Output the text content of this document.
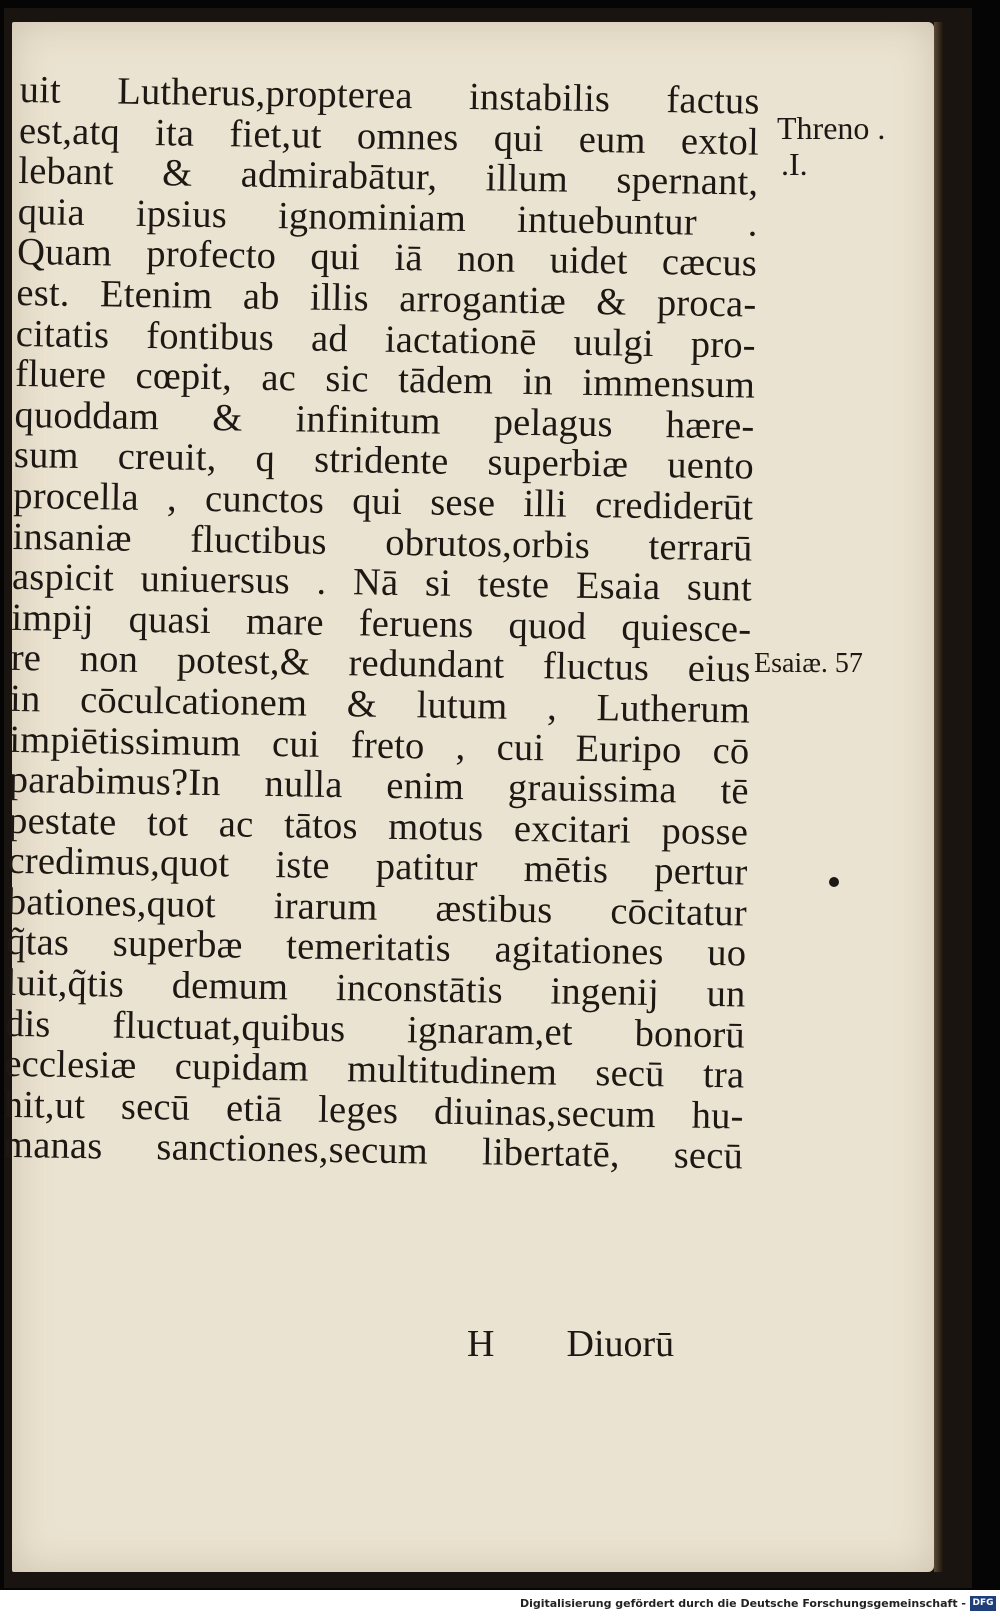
uit Lutherus,propterea instabilis factus
est,atq ita fiet,ut omnes qui eum extol
lebant & admirabātur, illum spernant,
quia ipsius ignominiam intuebuntur .
Quam profecto qui iā non uidet cæcus
est. Etenim ab illis arrogantiæ & proca-
citatis fontibus ad iactationē uulgi pro-
fluere cœpit, ac sic tādem in immensum
quoddam & infinitum pelagus hære-
sum creuit, q stridente superbiæ uento
procella , cunctos qui sese illi crediderūt
insaniæ fluctibus obrutos,orbis terrarū
aspicit uniuersus . Nā si teste Esaia sunt
impij quasi mare feruens quod quiesce-
re non potest,& redundant fluctus eius
in cōculcationem & lutum , Lutherum
impiētissimum cui freto , cui Euripo cō
parabimus?In nulla enim grauissima tē
pestate tot ac tātos motus excitari posse
credimus,quot iste patitur mētis pertur
bationes,quot irarum æstibus cōcitatur
q̃tas superbæ temeritatis agitationes uo
luit,q̃tis demum inconstātis ingenij un
dis fluctuat,quibus ignaram,et bonorū
ecclesiæ cupidam multitudinem secū tra
hit,ut secū etiā leges diuinas,secum hu-
manas sanctiones,secum libertatē, secū
H Diuorū
Threno .
.I.
Esaiæ. 57
Digitalisierung gefördert durch die Deutsche Forschungsgemeinschaft - DFG
